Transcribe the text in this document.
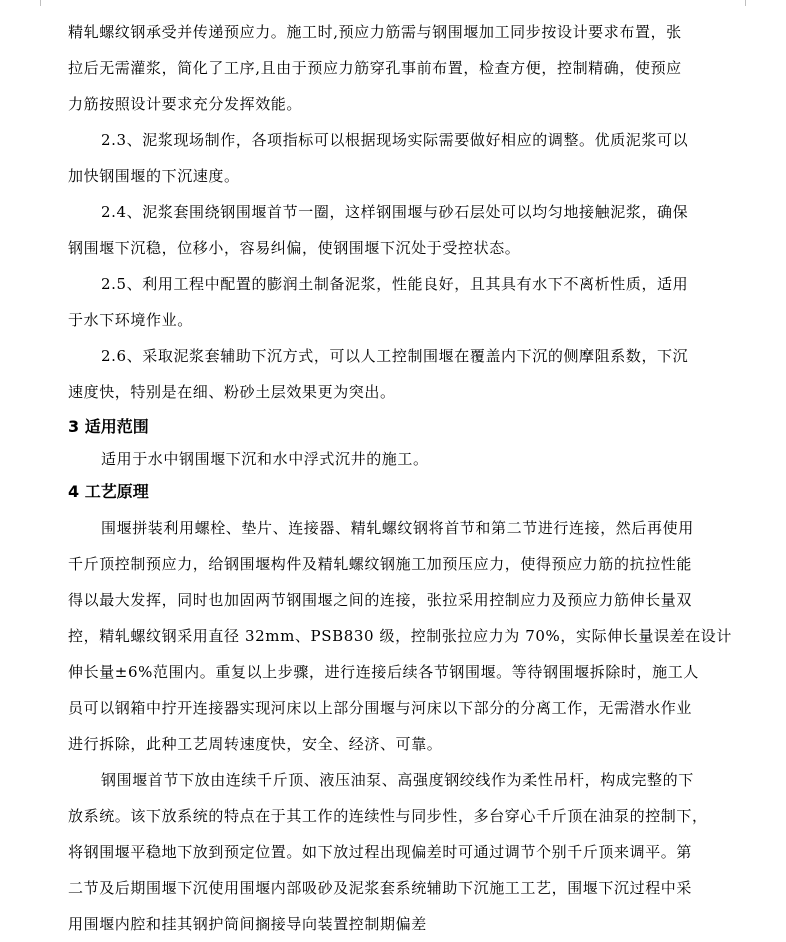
精轧螺纹钢承受并传递预应力。施工时,预应力筋需与钢围堰加工同步按设计要求布置，张
拉后无需灌浆，简化了工序,且由于预应力筋穿孔事前布置，检查方便，控制精确，使预应
力筋按照设计要求充分发挥效能。
2.3、泥浆现场制作，各项指标可以根据现场实际需要做好相应的调整。优质泥浆可以
加快钢围堰的下沉速度。
2.4、泥浆套围绕钢围堰首节一圈，这样钢围堰与砂石层处可以均匀地接触泥浆，确保
钢围堰下沉稳，位移小，容易纠偏，使钢围堰下沉处于受控状态。
2.5、利用工程中配置的膨润土制备泥浆，性能良好，且其具有水下不离析性质，适用
于水下环境作业。
2.6、采取泥浆套辅助下沉方式，可以人工控制围堰在覆盖内下沉的侧摩阻系数，下沉
速度快，特别是在细、粉砂土层效果更为突出。
3 适用范围
适用于水中钢围堰下沉和水中浮式沉井的施工。
4 工艺原理
围堰拼装利用螺栓、垫片、连接器、精轧螺纹钢将首节和第二节进行连接，然后再使用
千斤顶控制预应力，给钢围堰构件及精轧螺纹钢施工加预压应力，使得预应力筋的抗拉性能
得以最大发挥，同时也加固两节钢围堰之间的连接，张拉采用控制应力及预应力筋伸长量双
控，精轧螺纹钢采用直径 32mm、PSB830 级，控制张拉应力为 70%，实际伸长量误差在设计
伸长量±6%范围内。重复以上步骤，进行连接后续各节钢围堰。等待钢围堰拆除时，施工人
员可以钢箱中拧开连接器实现河床以上部分围堰与河床以下部分的分离工作，无需潜水作业
进行拆除，此种工艺周转速度快，安全、经济、可靠。
钢围堰首节下放由连续千斤顶、液压油泵、高强度钢绞线作为柔性吊杆，构成完整的下
放系统。该下放系统的特点在于其工作的连续性与同步性，多台穿心千斤顶在油泵的控制下，
将钢围堰平稳地下放到预定位置。如下放过程出现偏差时可通过调节个别千斤顶来调平。第
二节及后期围堰下沉使用围堰内部吸砂及泥浆套系统辅助下沉施工工艺，围堰下沉过程中采
用围堰内腔和挂其钢护筒间搁接导向装置控制期偏差
